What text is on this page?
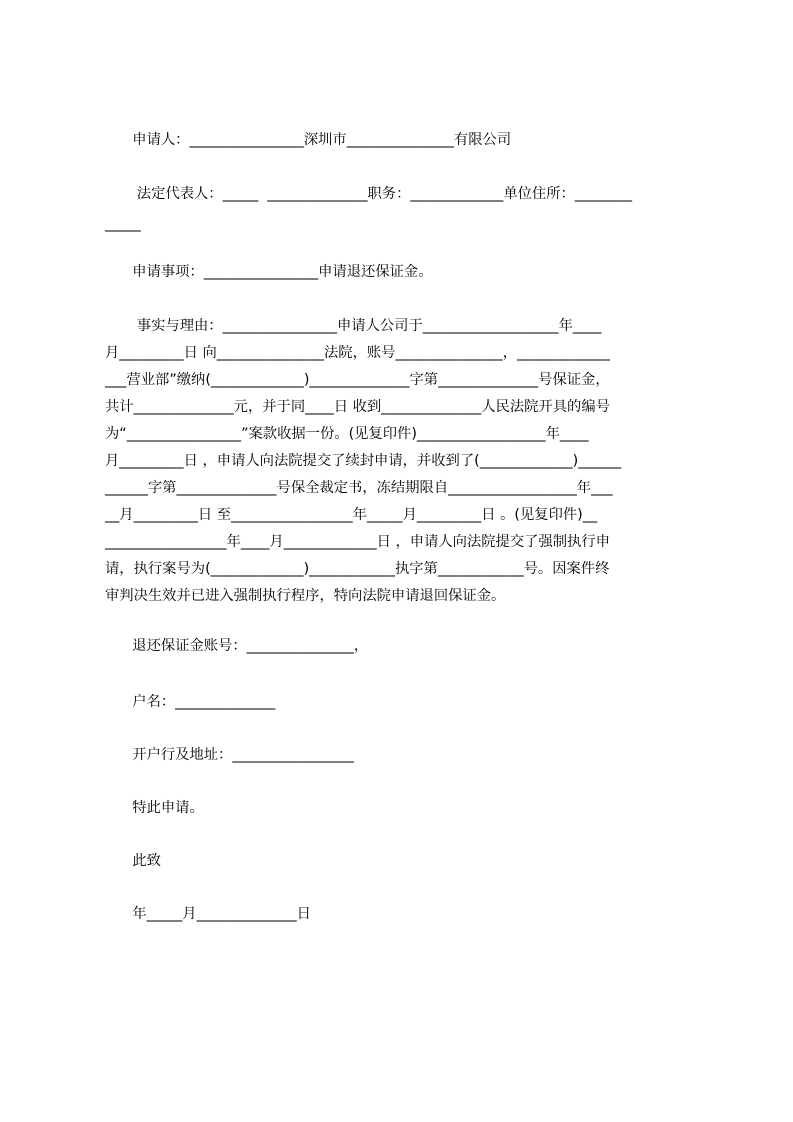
申请人：________________深圳市_______________有限公司
法定代表人：_____  ______________职务：_____________单位住所：________
_____
申请事项：________________申请退还保证金。
事实与理由：________________申请人公司于___________________年____
月_________日 向_______________法院，账号_______________，_____________
___营业部”缴纳(_____________)______________字第______________号保证金，
共计______________元，并于同____日 收到______________人民法院开具的编号
为“________________”案款收据一份。(见复印件)__________________年____
月_________日 ，申请人向法院提交了续封申请，并收到了(_____________)______
______字第______________号保全裁定书，冻结期限自__________________年___
__月_________日 至_________________年_____月_________日 。(见复印件)__
_________________年____月_____________日 ，申请人向法院提交了强制执行申
请，执行案号为(_____________)____________执字第____________号。因案件终
审判决生效并已进入强制执行程序，特向法院申请退回保证金。
退还保证金账号：_______________，
户名：______________
开户行及地址：_________________
特此申请。
此致
年_____月______________日
